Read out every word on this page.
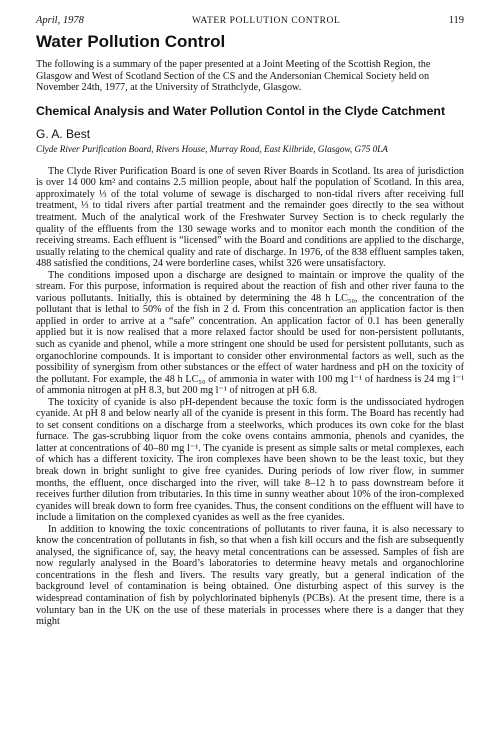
April, 1978	WATER POLLUTION CONTROL	119
Water Pollution Control

The following is a summary of the paper presented at a Joint Meeting of the Scottish Region, the Glasgow and West of Scotland Section of the CS and the Andersonian Chemical Society held on November 24th, 1977, at the University of Strathclyde, Glasgow.

Chemical Analysis and Water Pollution Contol in the Clyde Catchment
G. A. Best
Clyde River Purification Board, Rivers House, Murray Road, East Kilbride, Glasgow, G75 0LA

The Clyde River Purification Board is one of seven River Boards in Scotland. Its area of jurisdiction is over 14 000 km² and contains 2.5 million people, about half the population of Scotland. In this area, approximately ⅓ of the total volume of sewage is discharged to non-tidal rivers after receiving full treatment, ⅓ to tidal rivers after partial treatment and the remainder goes directly to the sea without treatment. Much of the analytical work of the Freshwater Survey Section is to check regularly the quality of the effluents from the 130 sewage works and to monitor each month the condition of the receiving streams. Each effluent is “licensed” with the Board and conditions are applied to the discharge, usually relating to the chemical quality and rate of discharge. In 1976, of the 838 effluent samples taken, 488 satisfied the conditions, 24 were borderline cases, whilst 326 were unsatisfactory.

The conditions imposed upon a discharge are designed to maintain or improve the quality of the stream. For this purpose, information is required about the reaction of fish and other river fauna to the various pollutants. Initially, this is obtained by determining the 48 h LC₅₀, the concentration of the pollutant that is lethal to 50% of the fish in 2 d. From this concentration an application factor is then applied in order to arrive at a “safe” concentration. An application factor of 0.1 has been generally applied but it is now realised that a more relaxed factor should be used for non-persistent pollutants, such as cyanide and phenol, while a more stringent one should be used for persistent pollutants, such as organochlorine compounds. It is important to consider other environmental factors as well, such as the possibility of synergism from other substances or the effect of water hardness and pH on the toxicity of the pollutant. For example, the 48 h LC₅₀ of ammonia in water with 100 mg l⁻¹ of hardness is 24 mg l⁻¹ of ammonia nitrogen at pH 8.3, but 200 mg l⁻¹ of nitrogen at pH 6.8.

The toxicity of cyanide is also pH-dependent because the toxic form is the undissociated hydrogen cyanide. At pH 8 and below nearly all of the cyanide is present in this form. The Board has recently had to set consent conditions on a discharge from a steelworks, which produces its own coke for the blast furnace. The gas-scrubbing liquor from the coke ovens contains ammonia, phenols and cyanides, the latter at concentrations of 40–80 mg l⁻¹. The cyanide is present as simple salts or metal complexes, each of which has a different toxicity. The iron complexes have been shown to be the least toxic, but they break down in bright sunlight to give free cyanides. During periods of low river flow, in summer months, the effluent, once discharged into the river, will take 8–12 h to pass downstream before it receives further dilution from tributaries. In this time in sunny weather about 10% of the iron-complexed cyanides will break down to form free cyanides. Thus, the consent conditions on the effluent will have to include a limitation on the complexed cyanides as well as the free cyanides.

In addition to knowing the toxic concentrations of pollutants to river fauna, it is also necessary to know the concentration of pollutants in fish, so that when a fish kill occurs and the fish are subsequently analysed, the significance of, say, the heavy metal concentrations can be assessed. Samples of fish are now regularly analysed in the Board’s laboratories to determine heavy metals and organochlorine concentrations in the flesh and livers. The results vary greatly, but a general indication of the background level of contamination is being obtained. One disturbing aspect of this survey is the widespread contamination of fish by polychlorinated biphenyls (PCBs). At the present time, there is a voluntary ban in the UK on the use of these materials in processes where there is a danger that they might
